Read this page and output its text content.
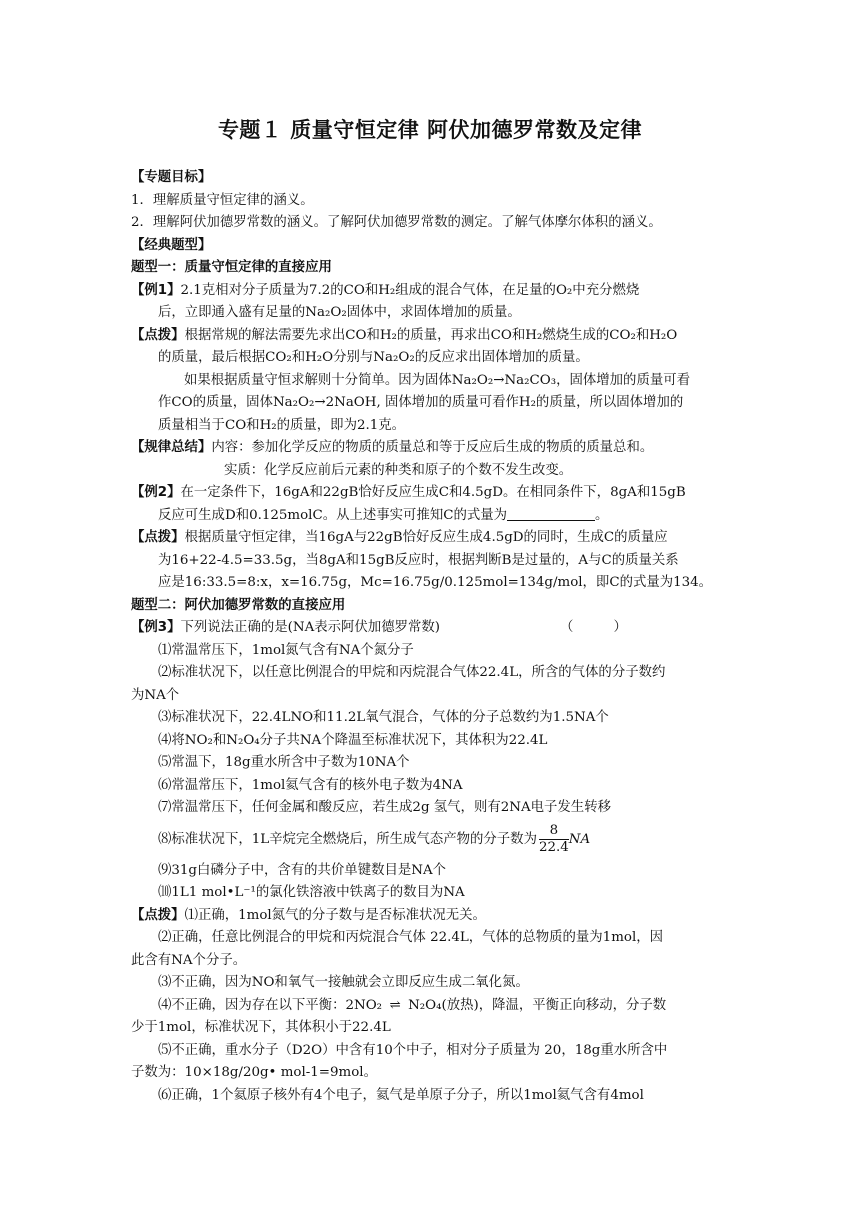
专题１ 质量守恒定律 阿伏加德罗常数及定律
【专题目标】
1．理解质量守恒定律的涵义。
2．理解阿伏加德罗常数的涵义。了解阿伏加德罗常数的测定。了解气体摩尔体积的涵义。
【经典题型】
题型一：质量守恒定律的直接应用
【例1】2.1克相对分子质量为7.2的CO和H₂组成的混合气体，在足量的O₂中充分燃烧
后，立即通入盛有足量的Na₂O₂固体中，求固体增加的质量。
【点拨】根据常规的解法需要先求出CO和H₂的质量，再求出CO和H₂燃烧生成的CO₂和H₂O
的质量，最后根据CO₂和H₂O分别与Na₂O₂的反应求出固体增加的质量。
如果根据质量守恒求解则十分简单。因为固体Na₂O₂→Na₂CO₃，固体增加的质量可看
作CO的质量，固体Na₂O₂→2NaOH, 固体增加的质量可看作H₂的质量，所以固体增加的
质量相当于CO和H₂的质量，即为2.1克。
【规律总结】内容：参加化学反应的物质的质量总和等于反应后生成的物质的质量总和。
实质：化学反应前后元素的种类和原子的个数不发生改变。
【例2】在一定条件下，16gA和22gB恰好反应生成C和4.5gD。在相同条件下，8gA和15gB
反应可生成D和0.125molC。从上述事实可推知C的式量为	。
【点拨】根据质量守恒定律，当16gA与22gB恰好反应生成4.5gD的同时，生成C的质量应
为16+22-4.5=33.5g，当8gA和15gB反应时，根据判断B是过量的，A与C的质量关系
应是16:33.5=8:x，x=16.75g，Mc=16.75g/0.125mol=134g/mol，即C的式量为134。
题型二：阿伏加德罗常数的直接应用
【例3】下列说法正确的是(NA表示阿伏加德罗常数)	（　　　）
⑴常温常压下，1mol氮气含有NA个氮分子
⑵标准状况下，以任意比例混合的甲烷和丙烷混合气体22.4L，所含的气体的分子数约
为NA个
⑶标准状况下，22.4LNO和11.2L氧气混合，气体的分子总数约为1.5NA个
⑷将NO₂和N₂O₄分子共NA个降温至标准状况下，其体积为22.4L
⑸常温下，18g重水所含中子数为10NA个
⑹常温常压下，1mol氦气含有的核外电子数为4NA
⑺常温常压下，任何金属和酸反应，若生成2g 氢气，则有2NA电子发生转移
⑻标准状况下，1L辛烷完全燃烧后，所生成气态产物的分子数为 $\frac{8}{22.4}$ NA
⑼31g白磷分子中，含有的共价单键数目是NA个
⑽1L1 mol•L⁻¹的氯化铁溶液中铁离子的数目为NA
【点拨】⑴正确，1mol氮气的分子数与是否标准状况无关。
⑵正确，任意比例混合的甲烷和丙烷混合气体 22.4L，气体的总物质的量为1mol，因
此含有NA个分子。
⑶不正确，因为NO和氧气一接触就会立即反应生成二氧化氮。
⑷不正确，因为存在以下平衡：2NO₂ ⇌ N₂O₄(放热)，降温，平衡正向移动，分子数
少于1mol，标准状况下，其体积小于22.4L
⑸不正确，重水分子（D2O）中含有10个中子，相对分子质量为 20，18g重水所含中
子数为：10×18g/20g• mol-1=9mol。
⑹正确，1个氦原子核外有4个电子，氦气是单原子分子，所以1mol氦气含有4mol
